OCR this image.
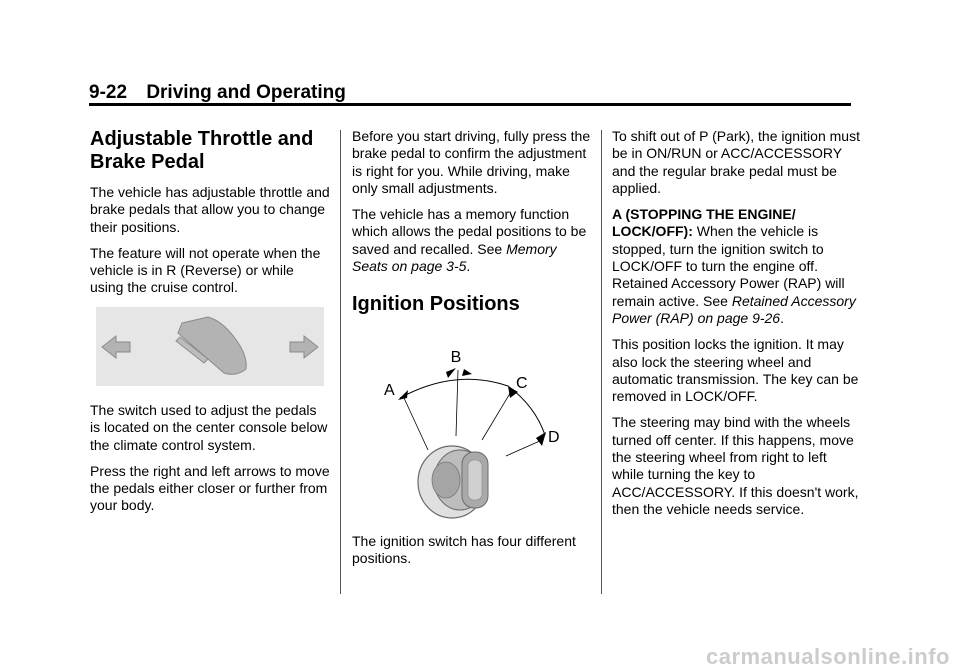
9-22 Driving and Operating
Adjustable Throttle and Brake Pedal

The vehicle has adjustable throttle and brake pedals that allow you to change their positions.

The feature will not operate when the vehicle is in R (Reverse) or while using the cruise control.

The switch used to adjust the pedals is located on the center console below the climate control system.

Press the right and left arrows to move the pedals either closer or further from your body.

Before you start driving, fully press the brake pedal to confirm the adjustment is right for you. While driving, make only small adjustments.

The vehicle has a memory function which allows the pedal positions to be saved and recalled. See Memory Seats on page 3-5.

Ignition Positions
B
A	C
D

The ignition switch has four different positions.

To shift out of P (Park), the ignition must be in ON/RUN or ACC/ACCESSORY and the regular brake pedal must be applied.

A (STOPPING THE ENGINE/ LOCK/OFF): When the vehicle is stopped, turn the ignition switch to LOCK/OFF to turn the engine off. Retained Accessory Power (RAP) will remain active. See Retained Accessory Power (RAP) on page 9-26.

This position locks the ignition. It may also lock the steering wheel and automatic transmission. The key can be removed in LOCK/OFF.

The steering may bind with the wheels turned off center. If this happens, move the steering wheel from right to left while turning the key to ACC/ACCESSORY. If this doesn't work, then the vehicle needs service.

carmanualsonline.info
